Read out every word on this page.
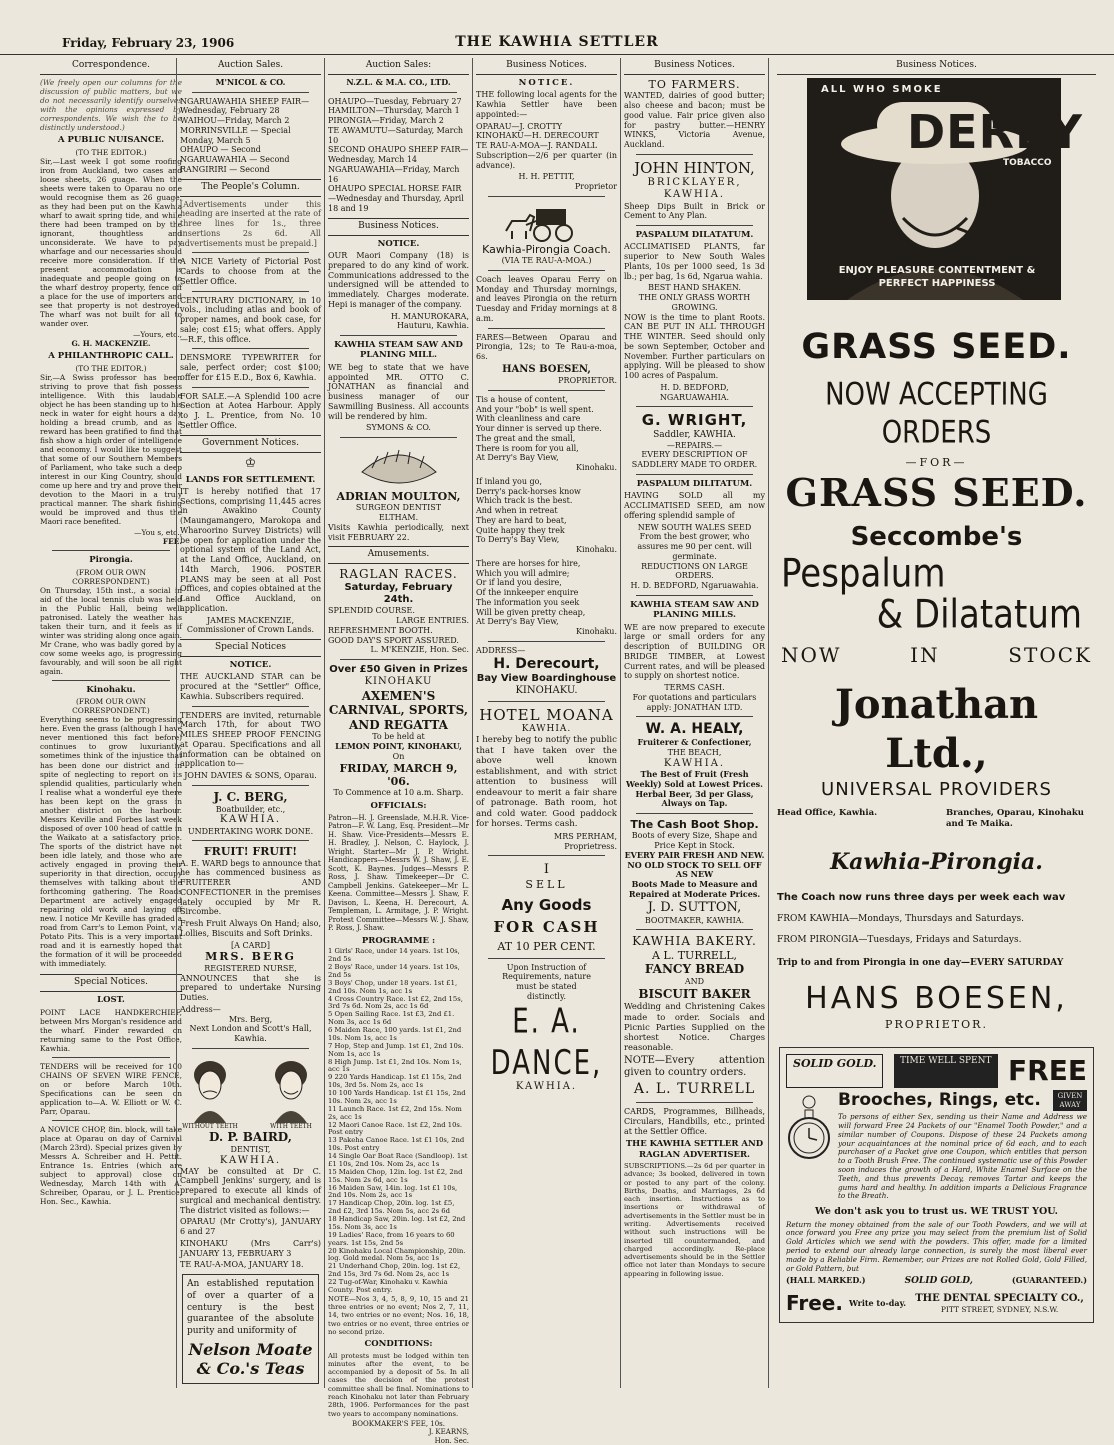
Friday, February 23, 1906	THE KAWHIA SETTLER
Correspondence.
(We freely open our columns for the discussion of public matters, but we do not necessarily identify ourselves with the opinions expressed by correspondents. We wish the to be distinctly understood.)
A PUBLIC NUISANCE.
(TO THE EDITOR.)
Sir,—Last week I got some roofing iron from Auckland, two cases and loose sheets, 26 guage. When the sheets were taken to Oparau no one would recognise them as 26 guage, as they had been put on the Kawhia wharf to await spring tide, and while there had been tramped on by the ignorant, thoughtless and unconsiderate. We have to pay wharfage and our necessaries should receive more consideration. If the present accommodation is inadequate and people going on to the wharf destroy property, fence off a place for the use of importers and see that property is not destroyed. The wharf was not built for all to wander over.
—Yours, etc.,
G. H. MACKENZIE.
A PHILANTHROPIC CALL.
(TO THE EDITOR.)
Sir,—A Swiss professor has been striving to prove that fish possess intelligence. With this laudable object he has been standing up to his neck in water for eight hours a day holding a bread crumb, and as a reward has been gratified to find that fish show a high order of intelligence and economy. I would like to suggest that some of our Southern Members of Parliament, who take such a deep interest in our King Country, should come up here and try and prove their devotion to the Maori in a truly practical manner. The shark fishing would be improved and thus the Maori race benefited.
—You s, etc.,
FEE.
Pirongia.
(FROM OUR OWN CORRESPONDENT.)
On Thursday, 15th inst., a social in aid of the local tennis club was held in the Public Hall, being well patronised. Lately the weather has taken their turn, and it feels as if winter was striding along once again. Mr Crane, who was badly gored by a cow some weeks ago, is progressing favourably, and will soon be all right again.
Kinohaku.
(FROM OUR OWN CORRESPONDENT.)
Everything seems to be progressing here. Even the grass (although I have never mentioned this fact before) continues to grow luxuriantly, sometimes think of the injustice that has been done our district and in spite of neglecting to report on its splendid qualities, particularly when I realise what a wonderful eye there has been kept on the grass in another district on the harbour. Messrs Keville and Forbes last week disposed of over 100 head of cattle in the Waikato at a satisfactory price. The sports of the district have not been idle lately, and those who are actively engaged in proving their superiority in that direction, occupy themselves with talking about the forthcoming gathering. The Roads Department are actively engaged repairing old work and laying off new. I notice Mr Keville has graded a road from Carr's to Lemon Point, via Potato Pits. This is a very important road and it is earnestly hoped that the formation of it will be proceeded with immediately.
Special Notices.
LOST.
POINT LACE HANDKERCHIEF, between Mrs Morgan's residence and the wharf. Finder rewarded on returning same to the Post Office, Kawhia.
TENDERS will be received for 100 CHAINS OF SEVEN WIRE FENCE, on or before March 10th. Specifications can be seen on application to—A. W. Elliott or W. C. Parr, Oparau.
A NOVICE CHOP, 8in. block, will take place at Oparau on day of Carnival (March 23rd). Special prizes given by Messrs A. Schreiber and H. Pettit. Entrance 1s. Entries (which are subject to approval) close on Wednesday, March 14th with A. Schreiber, Oparau, or J. L. Prentice, Hon. Sec., Kawhia.
Auction Sales.
M'NICOL & CO.
NGARUAWAHIA SHEEP FAIR—Wednesday, February 28
WAIHOU—Friday, March 2
MORRINSVILLE — Special Monday, March 5
OHAUPO — Second
NGARUAWAHIA — Second
RANGIRIRI — Second
The People's Column.
[Advertisements under this heading are inserted at the rate of three lines for 1s., three insertions 2s 6d. All advertisements must be prepaid.]
A NICE Variety of Pictorial Post Cards to choose from at the Settler Office.
CENTURARY DICTIONARY, in 10 vols., including atlas and book of proper names, and book case, for sale; cost £15; what offers. Apply—R.F., this office.
DENSMORE TYPEWRITER for sale, perfect order; cost $100; offer for £15 E.D., Box 6, Kawhia.
FOR SALE.—A Splendid 100 acre Section at Aotea Harbour. Apply to J. L. Prentice, from No. 10 Settler Office.
Government Notices.
♔
LANDS FOR SETTLEMENT.
IT is hereby notified that 17 Sections, comprising 11,445 acres in Awakino County (Maungamangero, Marokopa and Wharoorino Survey Districts) will be open for application under the optional system of the Land Act, at the Land Office, Auckland, on 14th March, 1906. POSTER PLANS may be seen at all Post Offices, and copies obtained at the Land Office Auckland, on application.
JAMES MACKENZIE,
Commissioner of Crown Lands.
Special Notices
NOTICE.
THE AUCKLAND STAR can be procured at the "Settler" Office, Kawhia. Subscribers required.
TENDERS are invited, returnable March 17th, for about TWO MILES SHEEP PROOF FENCING at Oparau. Specifications and all information can be obtained on application to—
JOHN DAVIES & SONS, Oparau.
J. C. BERG,
Boatbuilder, etc.,
KAWHIA.
UNDERTAKING WORK DONE.
FRUIT! FRUIT!
A. E. WARD begs to announce that he has commenced business as FRUITERER AND CONFECTIONER in the premises lately occupied by Mr R. Sircombe.
Fresh Fruit Always On Hand; also, Lollies, Biscuits and Soft Drinks.
[A CARD]
MRS. BERG
REGISTERED NURSE,
ANNOUNCES that she is prepared to undertake Nursing Duties.
Address—
Mrs. Berg,
Next London and Scott's Hall, Kawhia.
WITHOUT TEETH	WITH TEETH
D. P. BAIRD,
DENTIST,
KAWHIA.
MAY be consulted at Dr C. Campbell Jenkins' surgery, and is prepared to execute all kinds of surgical and mechanical dentistry. The district visited as follows:—
OPARAU (Mr Crotty's), JANUARY 6 and 27
KINOHAKU (Mrs Carr's) JANUARY 13, FEBRUARY 3
TE RAU-A-MOA, JANUARY 18.
An established reputation of over a quarter of a century is the best guarantee of the absolute purity and uniformity of
Nelson Moate & Co.'s Teas
Auction Sales:
N.Z.L. & M.A. CO., LTD.
OHAUPO—Tuesday, February 27
HAMILTON—Thursday, March 1
PIRONGIA—Friday, March 2
TE AWAMUTU—Saturday, March 10
SECOND OHAUPO SHEEP FAIR—Wednesday, March 14
NGARUAWAHIA—Friday, March 16
OHAUPO SPECIAL HORSE FAIR—Wednesday and Thursday, April 18 and 19
Business Notices.
NOTICE.
OUR Maori Company (18) is prepared to do any kind of work. Communications addressed to the undersigned will be attended to immediately. Charges moderate. Hepi is manager of the company.
H. MANUROKARA,
Hauturu, Kawhia.
KAWHIA STEAM SAW AND PLANING MILL.
WE beg to state that we have appointed MR. OTTO C. JONATHAN as financial and business manager of our Sawmilling Business. All accounts will be rendered by him.
SYMONS & CO.
ADRIAN MOULTON,
SURGEON DENTIST
ELTHAM.
Visits Kawhia periodically, next visit FEBRUARY 22.
Amusements.
RAGLAN RACES.
Saturday, February 24th.
SPLENDID COURSE.
LARGE ENTRIES.
REFRESHMENT BOOTH.
GOOD DAY'S SPORT ASSURED.
L. M'KENZIE, Hon. Sec.
Over £50 Given in Prizes
KINOHAKU
AXEMEN'S CARNIVAL, SPORTS, AND REGATTA
To be held at
LEMON POINT, KINOHAKU,
On
FRIDAY, MARCH 9, '06.
To Commence at 10 a.m. Sharp.
OFFICIALS:
Patron—H. J. Greenslade, M.H.R. Vice-Patron—F. W. Lang, Esq. President—Mr H. Shaw. Vice-Presidents—Messrs E. H. Bradley, J. Nelson, C. Haylock, J. Wright. Starter—Mr J. P. Wright. Handicappers—Messrs W. J. Shaw, J. E. Scott, K. Baynes. Judges—Messrs P. Ross, J. Shaw. Timekeeper—Dr C. Campbell Jenkins. Gatekeeper—Mr L. Keena. Committee—Messrs J. Shaw, F. Davison, L. Keena, H. Derecourt, A. Templeman, L. Armitage, J. P. Wright. Protest Committee—Messrs W. J. Shaw, P. Ross, J. Shaw.
PROGRAMME :
1 Girls' Race, under 14 years. 1st 10s, 2nd 5s
2 Boys' Race, under 14 years. 1st 10s, 2nd 5s
3 Boys' Chop, under 18 years. 1st £1, 2nd 10s. Nom 1s, acc 1s
4 Cross Country Race. 1st £2, 2nd 15s, 3rd 7s 6d. Nom 2s, acc 1s 6d
5 Open Sailing Race. 1st £3, 2nd £1. Nom 3s, acc 1s 6d
6 Maiden Race, 100 yards. 1st £1, 2nd 10s. Nom 1s, acc 1s
7 Hop, Step and Jump. 1st £1, 2nd 10s. Nom 1s, acc 1s
8 High Jump. 1st £1, 2nd 10s. Nom 1s, acc 1s
9 220 Yards Handicap. 1st £1 15s, 2nd 10s, 3rd 5s. Nom 2s, acc 1s
10 100 Yards Handicap. 1st £1 15s, 2nd 10s. Nom 2s, acc 1s
11 Launch Race. 1st £2, 2nd 15s. Nom 2s, acc 1s
12 Maori Canoe Race. 1st £2, 2nd 10s. Post entry
13 Pakeha Canoe Race. 1st £1 10s, 2nd 10s. Post entry
14 Single Oar Boat Race (Sandloop). 1st £1 10s, 2nd 10s. Nom 2s, acc 1s
15 Maiden Chop, 12in. log. 1st £2, 2nd 15s. Nom 2s 6d, acc 1s
16 Maiden Saw, 14in. log. 1st £1 10s, 2nd 10s. Nom 2s, acc 1s
17 Handicap Chop, 20in. log. 1st £5, 2nd £2, 3rd 15s. Nom 5s, acc 2s 6d
18 Handicap Saw, 20in. log. 1st £2, 2nd 15s. Nom 3s, acc 1s
19 Ladies' Race, from 16 years to 60 years. 1st 15s, 2nd 5s
20 Kinohaku Local Championship, 20in. log. Gold medal. Nom 5s, acc 1s
21 Underhand Chop, 20in. log. 1st £2, 2nd 15s, 3rd 7s 6d. Nom 2s, acc 1s
22 Tug-of-War, Kinohaku v. Kawhia County. Post entry.
NOTE—Nos 3, 4, 5, 8, 9, 10, 15 and 21 three entries or no event; Nos 2, 7, 11, 14, two entries or no event; Nos. 16, 18, two entries or no event, three entries or no second prize.
CONDITIONS:
All protests must be lodged within ten minutes after the event, to be accompanied by a deposit of 5s. In all cases the decision of the protest committee shall be final. Nominations to reach Kinohaku not later than February 28th, 1906. Performances for the past two years to accompany nominations.
BOOKMAKER'S FEE, 10s.
J. KEARNS,
Hon. Sec.
Business Notices.
NOTICE.
THE following local agents for the Kawhia Settler have been appointed:—
OPARAU—J. CROTTY
KINOHAKU—H. DERECOURT
TE RAU-A-MOA—J. RANDALL
Subscription—2/6 per quarter (in advance).
H. H. PETTIT,
Proprietor
Kawhia-Pirongia Coach.
(VIA TE RAU-A-MOA.)
Coach leaves Oparau Ferry on Monday and Thursday mornings, and leaves Pirongia on the return Tuesday and Friday mornings at 8 a.m.
FARES—Between Oparau and Pirongia, 12s; to Te Rau-a-moa, 6s.
HANS BOESEN,
PROPRIETOR.
Tis a house of content,
And your "bob" is well spent.
With cleanliness and care
Your dinner is served up there.
The great and the small,
There is room for you all,
At Derry's Bay View,
Kinohaku.
If inland you go,
Derry's pack-horses know
Which track is the best.
And when in retreat
They are hard to beat,
Quite happy they trek
To Derry's Bay View,
Kinohaku.
There are horses for hire,
Which you will admire;
Or if land you desire,
Of the innkeeper enquire
The information you seek
Will be given pretty cheap,
At Derry's Bay View,
Kinohaku.
ADDRESS—
H. Derecourt,
Bay View Boardinghouse
KINOHAKU.
HOTEL MOANA
KAWHIA.
I hereby beg to notify the public that I have taken over the above well known establishment, and with strict attention to business will endeavour to merit a fair share of patronage. Bath room, hot and cold water. Good paddock for horses. Terms cash.
MRS PERHAM,
Proprietress.
I
SELL
Any Goods
FOR CASH
AT 10 PER CENT.
Upon Instruction of
Requirements, nature
must be stated
distinctly.
E. A. DANCE,
KAWHIA.
Business Notices.
TO FARMERS.
WANTED, dairies of good butter; also cheese and bacon; must be good value. Fair price given also for pastry butter.—HENRY WINKS, Victoria Avenue, Auckland.
JOHN HINTON,
BRICKLAYER,
KAWHIA.
Sheep Dips Built in Brick or Cement to Any Plan.
PASPALUM DILATATUM.
ACCLIMATISED PLANTS, far superior to New South Wales Plants, 10s per 1000 seed, 1s 3d lb.; per bag, 1s 6d, Ngarua wahia.
BEST HAND SHAKEN.
THE ONLY GRASS WORTH GROWING.
NOW is the time to plant Roots. CAN BE PUT IN ALL THROUGH THE WINTER. Seed should only be sown September, October and November. Further particulars on applying. Will be pleased to show 100 acres of Paspalum.
H. D. BEDFORD,
NGARUAWAHIA.
G. WRIGHT,
Saddler, KAWHIA.
—REPAIRS.—
EVERY DESCRIPTION OF SADDLERY MADE TO ORDER.
PASPALUM DILITATUM.
HAVING SOLD all my ACCLIMATISED SEED, am now offering splendid sample of
NEW SOUTH WALES SEED
From the best grower, who assures me 90 per cent. will germinate.
REDUCTIONS ON LARGE ORDERS.
H. D. BEDFORD, Ngaruawahia.
KAWHIA STEAM SAW AND PLANING MILLS.
WE are now prepared to execute large or small orders for any description of BUILDING OR BRIDGE TIMBER, at Lowest Current rates, and will be pleased to supply on shortest notice.
TERMS CASH.
For quotations and particulars apply: JONATHAN LTD.
W. A. HEALY,
Fruiterer & Confectioner,
THE BEACH,
KAWHIA.
The Best of Fruit (Fresh Weekly) Sold at Lowest Prices.
Herbal Beer, 3d per Glass, Always on Tap.
The Cash Boot Shop.
Boots of every Size, Shape and Price Kept in Stock.
EVERY PAIR FRESH AND NEW.
NO OLD STOCK TO SELL OFF AS NEW
Boots Made to Measure and Repaired at Moderate Prices.
J. D. SUTTON,
BOOTMAKER, KAWHIA.
KAWHIA BAKERY.
A L. TURRELL,
FANCY BREAD
AND
BISCUIT BAKER
Wedding and Christening Cakes made to order. Socials and Picnic Parties Supplied on the shortest Notice. Charges reasonable.
NOTE—Every attention given to country orders.
A. L. TURRELL
CARDS, Programmes, Billheads, Circulars, Handbills, etc., printed at the Settler Office.
THE KAWHIA SETTLER AND RAGLAN ADVERTISER.
SUBSCRIPTIONS.—2s 6d per quarter in advance; 3s booked, delivered in town or posted to any part of the colony. Births, Deaths, and Marriages, 2s 6d each insertion. Instructions as to insertions or withdrawal of advertisements in the Settler must be in writing. Advertisements received without such instructions will be inserted till countermanded, and charged accordingly. Re-place advertisements should be in the Settler office not later than Mondays to secure appearing in following issue.
Business Notices.
ALL WHO SMOKE
DERBY
TOBACCO
ENJOY PLEASURE CONTENTMENT & PERFECT HAPPINESS
GRASS SEED.
NOW ACCEPTING ORDERS
—FOR—
GRASS SEED.
Seccombe's
Pespalum
& Dilatatum
NOW	IN	STOCK
Jonathan Ltd.,
UNIVERSAL PROVIDERS
Head Office, Kawhia.	Branches, Oparau, Kinohaku and Te Maika.
Kawhia-Pirongia.
The Coach now runs three days per week each wav
FROM KAWHIA—Mondays, Thursdays and Saturdays.
FROM PIRONGIA—Tuesdays, Fridays and Saturdays.
Trip to and from Pirongia in one day—EVERY SATURDAY
HANS BOESEN,
PROPRIETOR.
SOLID GOLD.	TIME WELL SPENT FREE
Brooches, Rings, etc.	GIVEN AWAY
To persons of either Sex, sending us their Name and Address we will forward Free 24 Packets of our "Enamel Tooth Powder," and a similar number of Coupons. Dispose of these 24 Packets among your acquaintances at the nominal price of 6d each, and to each purchaser of a Packet give one Coupon, which entitles that person to a Tooth Brush Free. The continued systematic use of this Powder soon induces the growth of a Hard, White Enamel Surface on the Teeth, and thus prevents Decay, removes Tartar and keeps the gums hard and healthy. In addition imparts a Delicious Fragrance to the Breath.
We don't ask you to trust us. WE TRUST YOU.
Return the money obtained from the sale of our Tooth Powders, and we will at once forward you Free any prize you may select from the premium list of Solid Gold Articles which we send with the powders. This offer, made for a limited period to extend our already large connection, is surely the most liberal ever made by a Reliable Firm. Remember, our Prizes are not Rolled Gold, Gold Filled, or Gold Pattern, but
(HALL MARKED.)	SOLID GOLD,	(GUARANTEED.)
Free. Write to-day. THE DENTAL SPECIALTY CO.,
PITT STREET, SYDNEY, N.S.W.
